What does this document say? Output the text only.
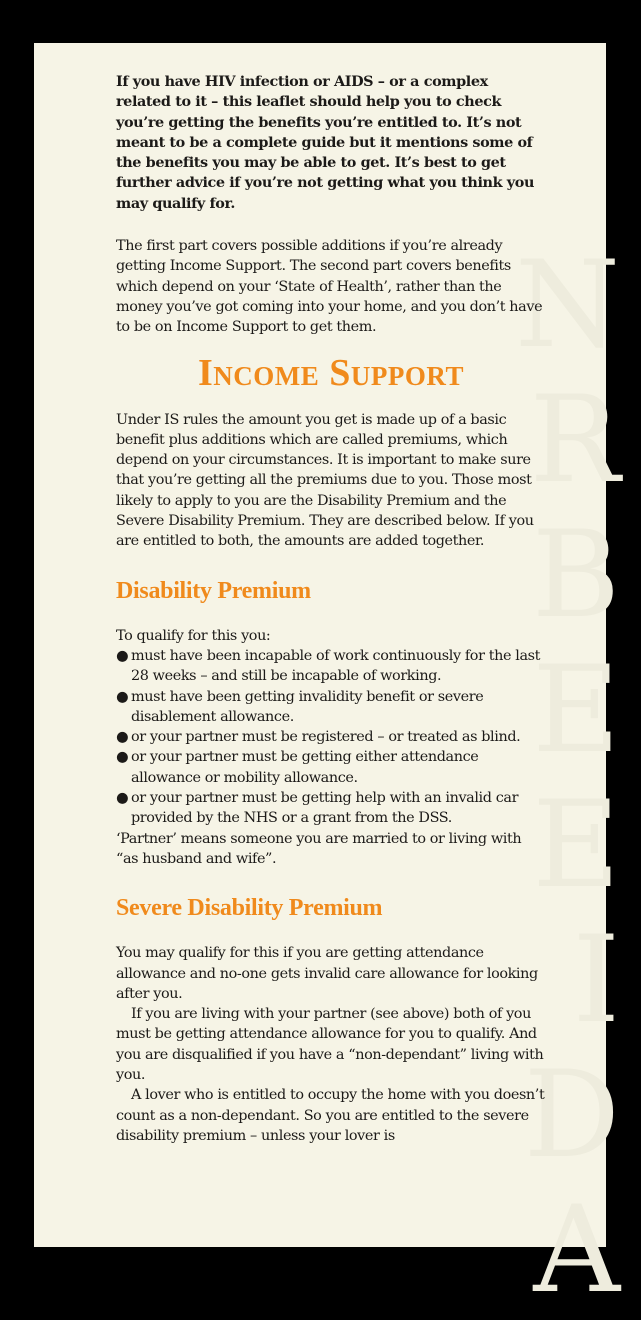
N R B E E I D A

If you have HIV infection or AIDS – or a complex related to it – this leaflet should help you to check you’re getting the benefits you’re entitled to. It’s not meant to be a complete guide but it mentions some of the benefits you may be able to get. It’s best to get further advice if you’re not getting what you think you may qualify for.

The first part covers possible additions if you’re already getting Income Support. The second part covers benefits which depend on your ‘State of Health’, rather than the money you’ve got coming into your home, and you don’t have to be on Income Support to get them.

Income Support

Under IS rules the amount you get is made up of a basic benefit plus additions which are called premiums, which depend on your circumstances. It is important to make sure that you’re getting all the premiums due to you. Those most likely to apply to you are the Disability Premium and the Severe Disability Premium. They are described below. If you are entitled to both, the amounts are added together.

Disability Premium

To qualify for this you:

● must have been incapable of work continuously for the last 28 weeks – and still be incapable of working.
● must have been getting invalidity benefit or severe disablement allowance.
● or your partner must be registered – or treated as blind.
● or your partner must be getting either attendance allowance or mobility allowance.
● or your partner must be getting help with an invalid car

provided by the NHS or a grant from the DSS.

‘Partner’ means someone you are married to or living with “as husband and wife”.

Severe Disability Premium

You may qualify for this if you are getting attendance allowance and no-one gets invalid care allowance for looking after you.

If you are living with your partner (see above) both of you must be getting attendance allowance for you to qualify. And you are disqualified if you have a “non-dependant” living with you.

A lover who is entitled to occupy the home with you doesn’t count as a non-dependant. So you are entitled to the severe disability premium – unless your lover is
